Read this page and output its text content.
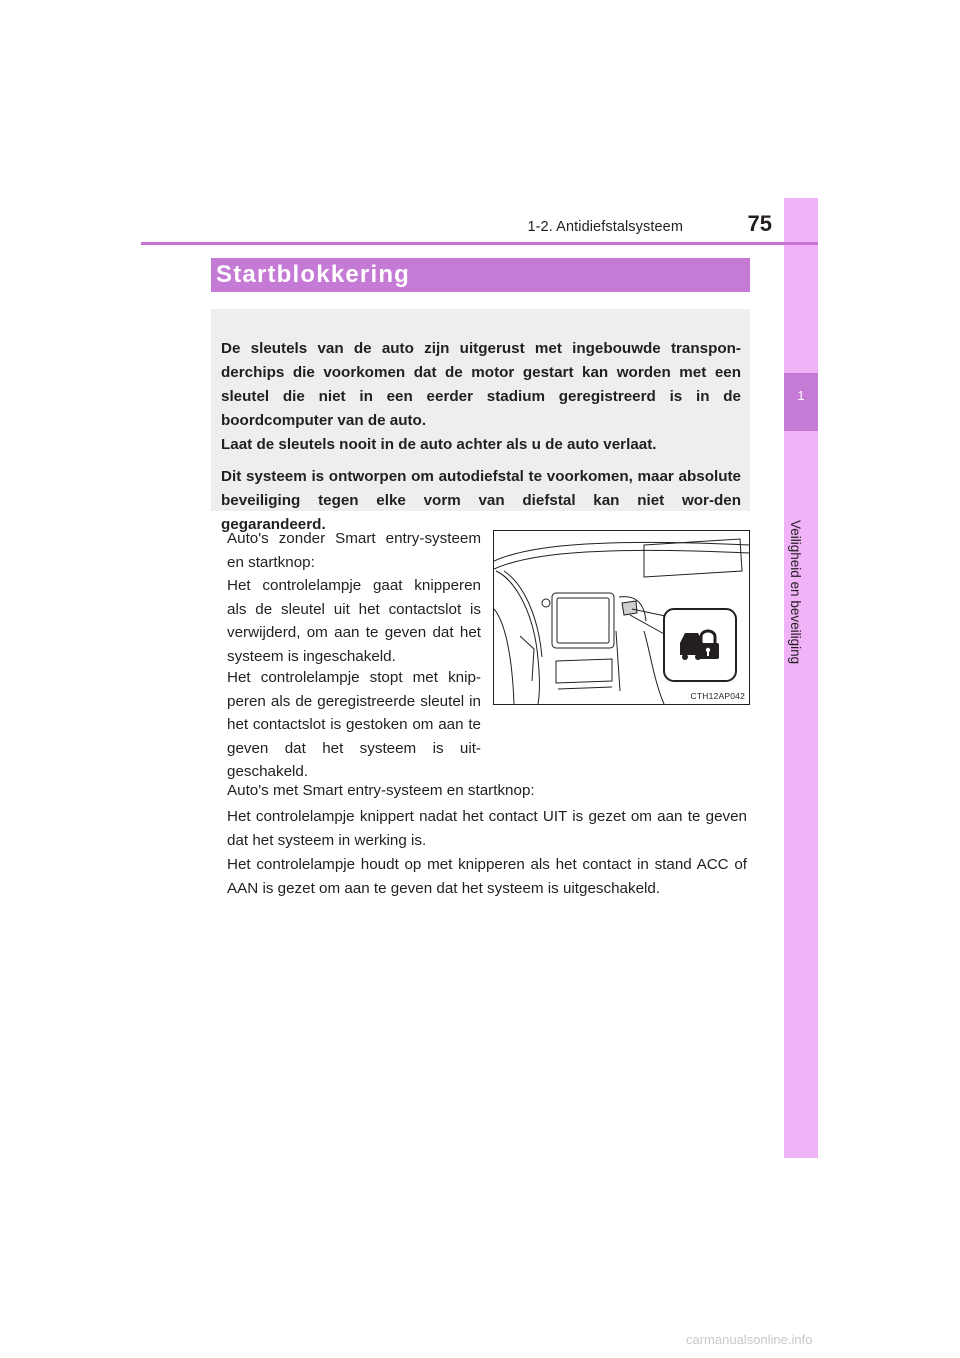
1
Veiligheid en beveiliging
1-2. Antidiefstalsysteem	75
Startblokkering

De sleutels van de auto zijn uitgerust met ingebouwde transpon-derchips die voorkomen dat de motor gestart kan worden met een sleutel die niet in een eerder stadium geregistreerd is in de boordcomputer van de auto.

Laat de sleutels nooit in de auto achter als u de auto verlaat.

Dit systeem is ontworpen om autodiefstal te voorkomen, maar absolute beveiliging tegen elke vorm van diefstal kan niet wor-den gegarandeerd.

Auto's zonder Smart entry-systeem en startknop:

Het controlelampje gaat knipperen als de sleutel uit het contactslot is verwijderd, om aan te geven dat het systeem is ingeschakeld.

Het controlelampje stopt met knip-peren als de geregistreerde sleutel in het contactslot is gestoken om aan te geven dat het systeem is uit-geschakeld.

Auto's met Smart entry-systeem en startknop:

Het controlelampje knippert nadat het contact UIT is gezet om aan te geven dat het systeem in werking is.

Het controlelampje houdt op met knipperen als het contact in stand ACC of AAN is gezet om aan te geven dat het systeem is uitgeschakeld.

CTH12AP042
carmanualsonline.info
